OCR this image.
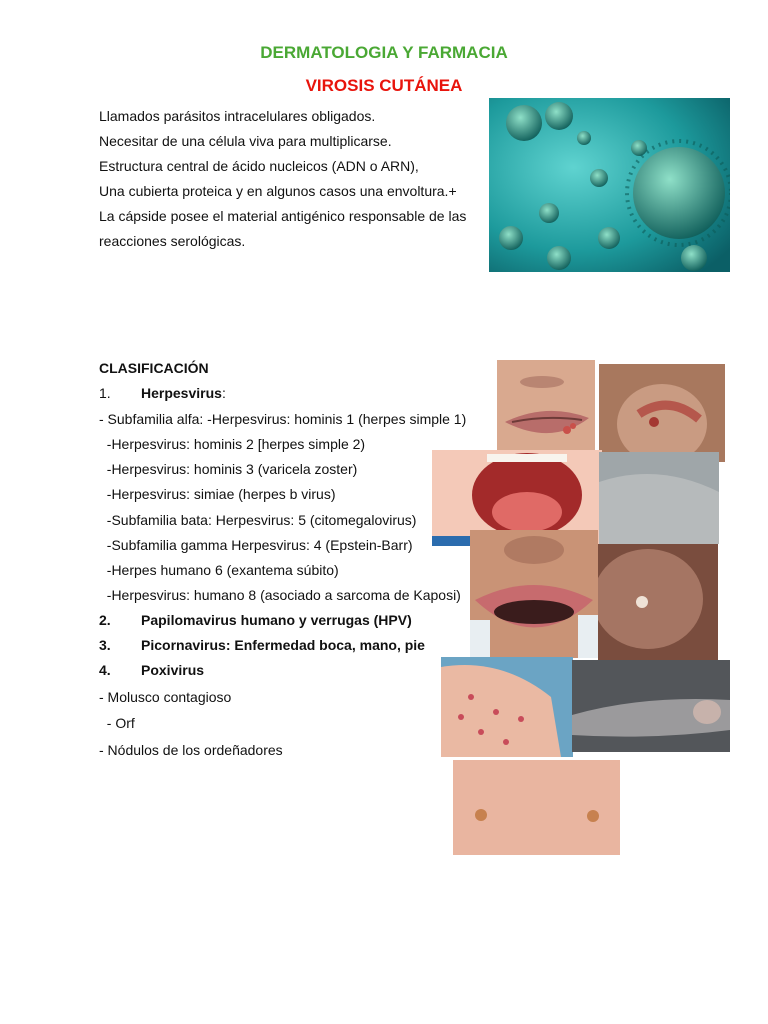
DERMATOLOGIA Y FARMACIA
VIROSIS CUTÁNEA
Llamados parásitos intracelulares obligados.
Necesitar de una célula viva para multiplicarse.
Estructura central de ácido nucleicos (ADN o ARN),
Una cubierta proteica y en algunos casos una envoltura.+
La cápside posee el material antigénico responsable de las
reacciones serológicas.
CLASIFICACIÓN
1. Herpesvirus:
- Subfamilia alfa: -Herpesvirus: hominis 1 (herpes simple 1)
-Herpesvirus: hominis 2 [herpes simple 2)
-Herpesvirus: hominis 3 (varicela zoster)
-Herpesvirus: simiae (herpes b virus)
-Subfamilia bata: Herpesvirus: 5 (citomegalovirus)
-Subfamilia gamma Herpesvirus: 4 (Epstein-Barr)
-Herpes humano 6 (exantema súbito)
-Herpesvirus: humano 8 (asociado a sarcoma de Kaposi)
2. Papilomavirus humano y verrugas (HPV)
3. Picornavirus: Enfermedad boca, mano, pie
4. Poxivirus
- Molusco contagioso
- Orf
- Nódulos de los ordeñadores
